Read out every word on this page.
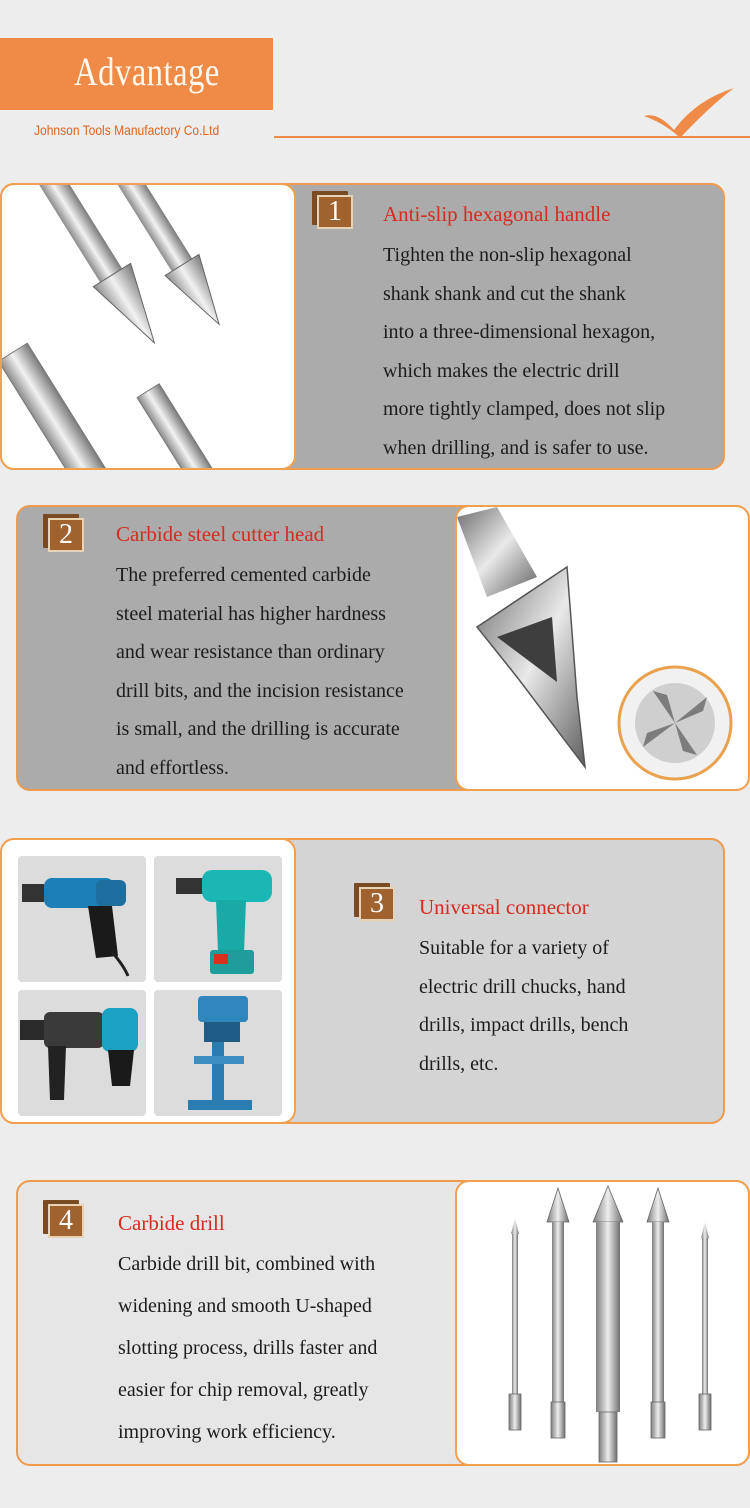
Advantage
Johnson Tools Manufactory Co.Ltd
1	Anti-slip hexagonal handle
Tighten the non-slip hexagonal
shank shank and cut the shank
into a three-dimensional hexagon,
which makes the electric drill
more tightly clamped, does not slip
when drilling, and is safer to use.
2	Carbide steel cutter head
The preferred cemented carbide
steel material has higher hardness
and wear resistance than ordinary
drill bits, and the incision resistance
is small, and the drilling is accurate
and effortless.
3	Universal connector
Suitable for a variety of
electric drill chucks, hand
drills, impact drills, bench
drills, etc.
4	Carbide drill
Carbide drill bit, combined with
widening and smooth U-shaped
slotting process, drills faster and
easier for chip removal, greatly
improving work efficiency.
